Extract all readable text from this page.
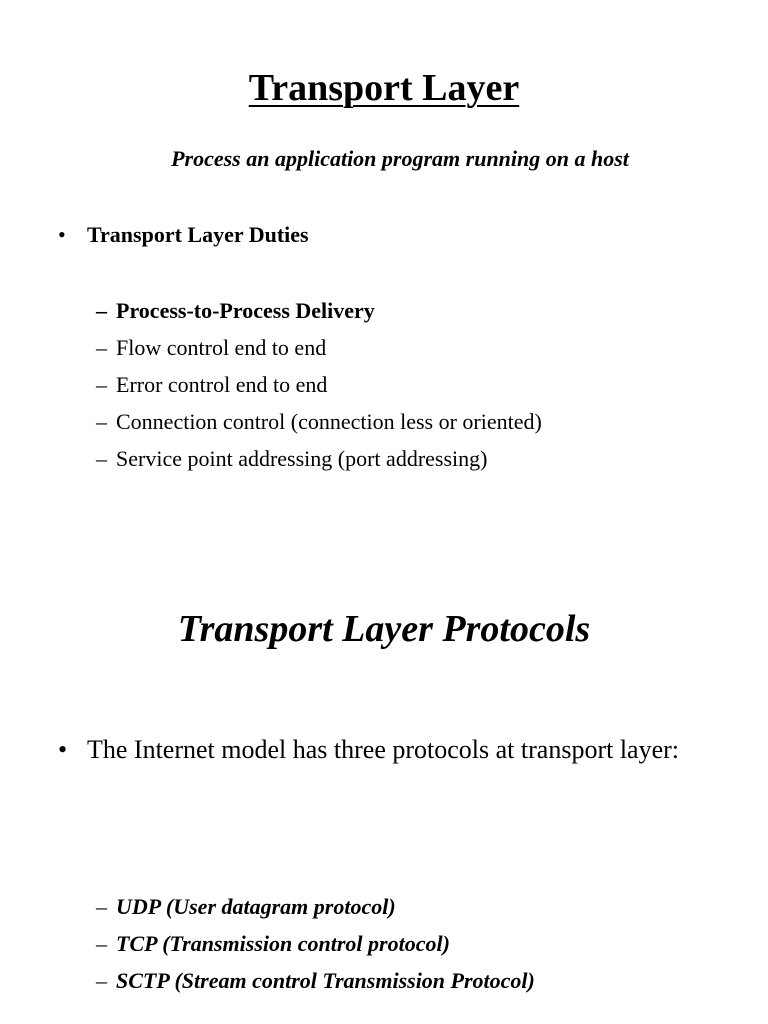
Transport Layer
Process an application program running on a host
• Transport Layer Duties
– Process-to-Process Delivery
– Flow control end to end
– Error control end to end
– Connection control (connection less or oriented)
– Service point addressing (port addressing)
Transport Layer Protocols
• The Internet model has three protocols at transport layer:
– UDP (User datagram protocol)
– TCP (Transmission control protocol)
– SCTP (Stream control Transmission Protocol)
